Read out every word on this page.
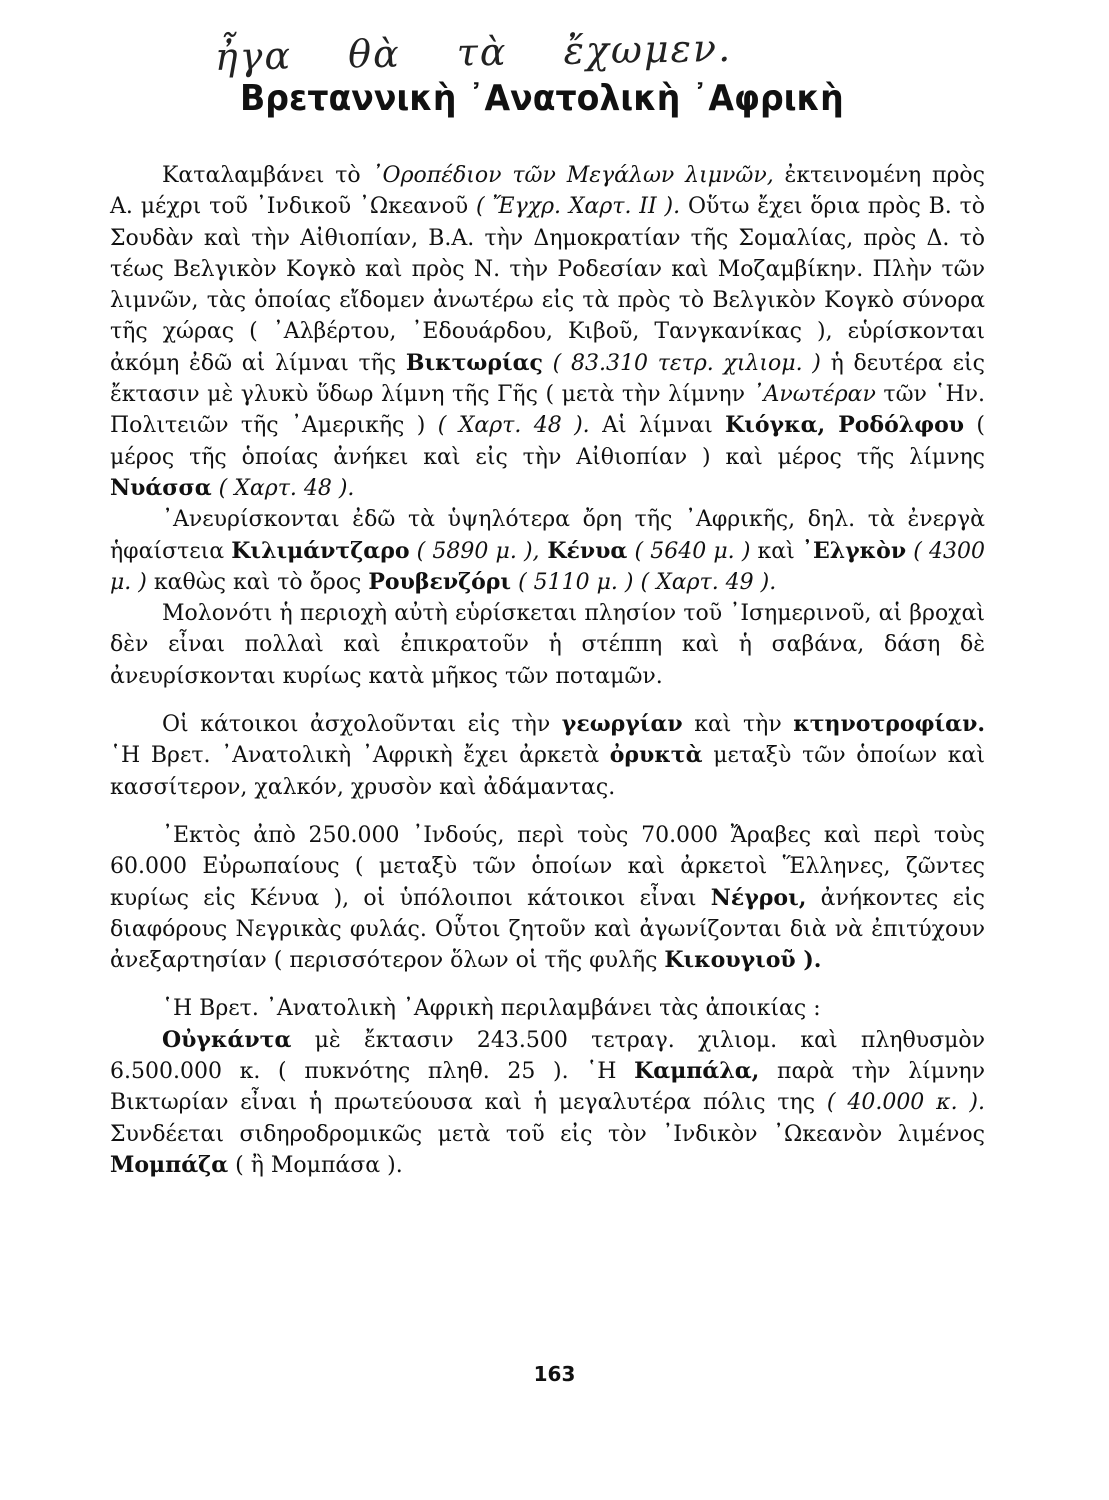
ἦγα θὰ τὰ ἔχωμεν.
Βρεταννικὴ ᾿Ανατολικὴ ᾿Αφρικὴ

Καταλαμβάνει τὸ ᾿Οροπέδιον τῶν Μεγάλων λιμνῶν, ἐκτεινομένη πρὸς Α. μέχρι τοῦ ᾿Ινδικοῦ ᾿Ωκεανοῦ ( Ἔγχρ. Χαρτ. ΙΙ ). Οὕτω ἔχει ὅρια πρὸς Β. τὸ Σουδὰν καὶ τὴν Αἰθιοπίαν, Β.Α. τὴν Δημοκρατίαν τῆς Σομαλίας, πρὸς Δ. τὸ τέως Βελγικὸν Κογκὸ καὶ πρὸς Ν. τὴν Ροδεσίαν καὶ Μοζαμβίκην. Πλὴν τῶν λιμνῶν, τὰς ὁποίας εἴδομεν ἀνωτέρω εἰς τὰ πρὸς τὸ Βελγικὸν Κογκὸ σύνορα τῆς χώρας ( ᾿Αλβέρτου, ᾿Εδουάρδου, Κιβοῦ, Τανγκανίκας ), εὑρίσκονται ἀκόμη ἐδῶ αἱ λίμναι τῆς Βικτωρίας ( 83.310 τετρ. χιλιομ. ) ἡ δευτέρα εἰς ἔκτασιν μὲ γλυκὺ ὕδωρ λίμνη τῆς Γῆς ( μετὰ τὴν λίμνην ᾿Ανωτέραν τῶν ῾Ην. Πολιτειῶν τῆς ᾿Αμερικῆς ) ( Χαρτ. 48 ). Αἱ λίμναι Κιόγκα, Ροδόλφου ( μέρος τῆς ὁποίας ἀνήκει καὶ εἰς τὴν Αἰθιοπίαν ) καὶ μέρος τῆς λίμνης Νυάσσα ( Χαρτ. 48 ).

᾿Ανευρίσκονται ἐδῶ τὰ ὑψηλότερα ὄρη τῆς ᾿Αφρικῆς, δηλ. τὰ ἐνεργὰ ἡφαίστεια Κιλιμάντζαρο ( 5890 μ. ), Κένυα ( 5640 μ. ) καὶ ᾿Ελγκὸν ( 4300 μ. ) καθὼς καὶ τὸ ὄρος Ρουβενζόρι ( 5110 μ. ) ( Χαρτ. 49 ).

Μολονότι ἡ περιοχὴ αὐτὴ εὑρίσκεται πλησίον τοῦ ᾿Ισημερινοῦ, αἱ βροχαὶ δὲν εἶναι πολλαὶ καὶ ἐπικρατοῦν ἡ στέππη καὶ ἡ σαβάνα, δάση δὲ ἀνευρίσκονται κυρίως κατὰ μῆκος τῶν ποταμῶν.

Οἱ κάτοικοι ἀσχολοῦνται εἰς τὴν γεωργίαν καὶ τὴν κτηνοτροφίαν. ῾Η Βρετ. ᾿Ανατολικὴ ᾿Αφρικὴ ἔχει ἀρκετὰ ὀρυκτὰ μεταξὺ τῶν ὁποίων καὶ κασσίτερον, χαλκόν, χρυσὸν καὶ ἀδάμαντας.

᾿Εκτὸς ἀπὸ 250.000 ᾿Ινδούς, περὶ τοὺς 70.000 Ἄραβες καὶ περὶ τοὺς 60.000 Εὐρωπαίους ( μεταξὺ τῶν ὁποίων καὶ ἀρκετοὶ Ἕλληνες, ζῶντες κυρίως εἰς Κένυα ), οἱ ὑπόλοιποι κάτοικοι εἶναι Νέγροι, ἀνήκοντες εἰς διαφόρους Νεγρικὰς φυλάς. Οὗτοι ζητοῦν καὶ ἀγωνίζονται διὰ νὰ ἐπιτύχουν ἀνεξαρτησίαν ( περισσότερον ὅλων οἱ τῆς φυλῆς Κικουγιοῦ ).

῾Η Βρετ. ᾿Ανατολικὴ ᾿Αφρικὴ περιλαμβάνει τὰς ἀποικίας :

Οὐγκάντα μὲ ἔκτασιν 243.500 τετραγ. χιλιομ. καὶ πληθυσμὸν 6.500.000 κ. ( πυκνότης πληθ. 25 ). ῾Η Καμπάλα, παρὰ τὴν λίμνην Βικτωρίαν εἶναι ἡ πρωτεύουσα καὶ ἡ μεγαλυτέρα πόλις της ( 40.000 κ. ). Συνδέεται σιδηροδρομικῶς μετὰ τοῦ εἰς τὸν ᾿Ινδικὸν ᾿Ωκεανὸν λιμένος Μομπάζα ( ἢ Μομπάσα ).

163
